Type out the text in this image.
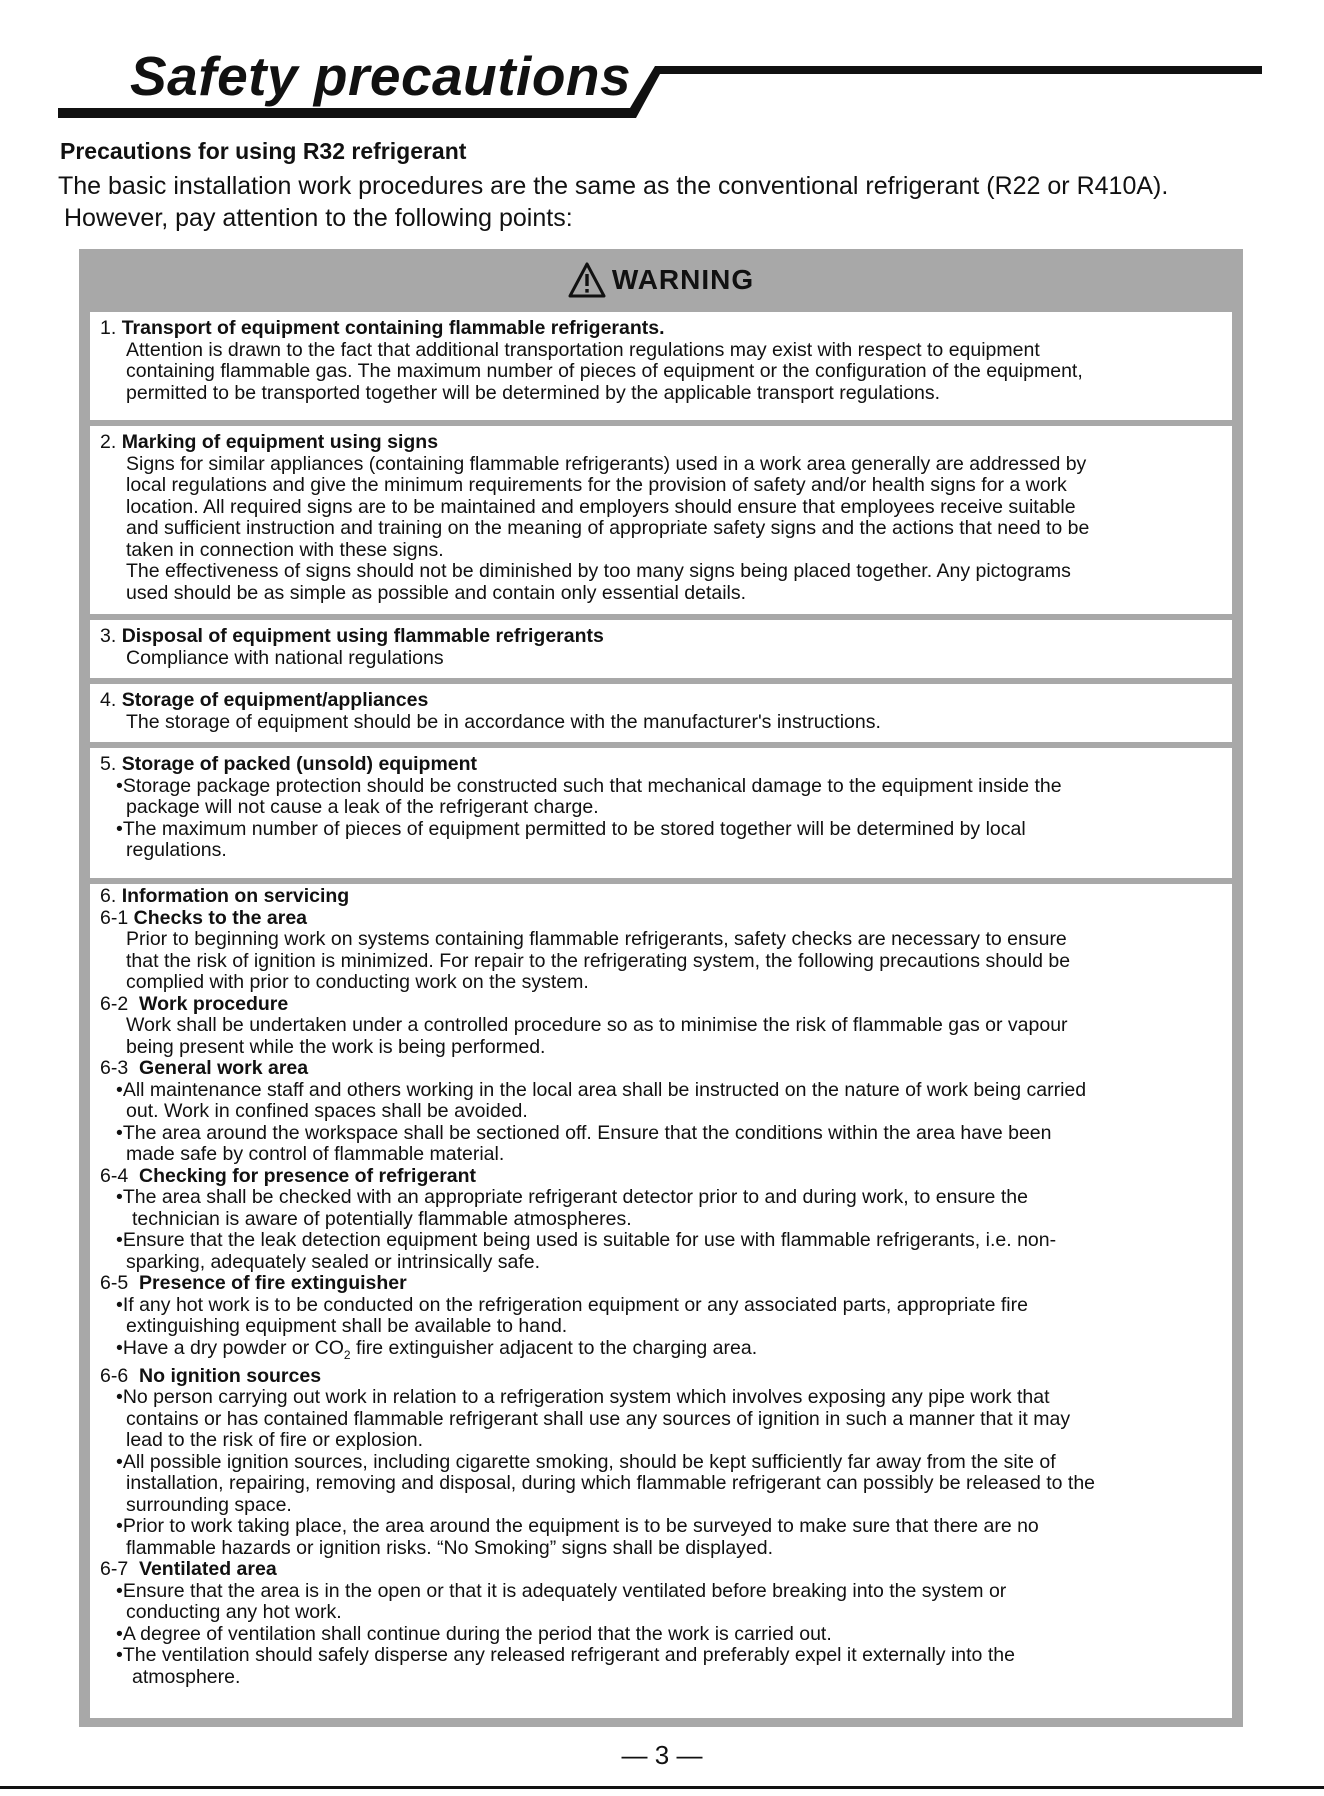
Safety precautions
Precautions for using R32 refrigerant

The basic installation work procedures are the same as the conventional refrigerant (R22 or R410A).
However, pay attention to the following points:

WARNING

1. Transport of equipment containing flammable refrigerants.

Attention is drawn to the fact that additional transportation regulations may exist with respect to equipment
containing flammable gas. The maximum number of pieces of equipment or the configuration of the equipment,
permitted to be transported together will be determined by the applicable transport regulations.

2. Marking of equipment using signs

Signs for similar appliances (containing flammable refrigerants) used in a work area generally are addressed by
local regulations and give the minimum requirements for the provision of safety and/or health signs for a work
location. All required signs are to be maintained and employers should ensure that employees receive suitable
and sufficient instruction and training on the meaning of appropriate safety signs and the actions that need to be
taken in connection with these signs.
The effectiveness of signs should not be diminished by too many signs being placed together. Any pictograms
used should be as simple as possible and contain only essential details.

3. Disposal of equipment using flammable refrigerants

Compliance with national regulations

4. Storage of equipment/appliances

The storage of equipment should be in accordance with the manufacturer's instructions.

5. Storage of packed (unsold) equipment

•Storage package protection should be constructed such that mechanical damage to the equipment inside the
package will not cause a leak of the refrigerant charge.
•The maximum number of pieces of equipment permitted to be stored together will be determined by local
regulations.

6. Information on servicing

6-1 Checks to the area

Prior to beginning work on systems containing flammable refrigerants, safety checks are necessary to ensure
that the risk of ignition is minimized. For repair to the refrigerating system, the following precautions should be
complied with prior to conducting work on the system.

6-2 Work procedure

Work shall be undertaken under a controlled procedure so as to minimise the risk of flammable gas or vapour
being present while the work is being performed.

6-3 General work area

•All maintenance staff and others working in the local area shall be instructed on the nature of work being carried
out. Work in confined spaces shall be avoided.
•The area around the workspace shall be sectioned off. Ensure that the conditions within the area have been
made safe by control of flammable material.

6-4 Checking for presence of refrigerant

•The area shall be checked with an appropriate refrigerant detector prior to and during work, to ensure the
technician is aware of potentially flammable atmospheres.
•Ensure that the leak detection equipment being used is suitable for use with flammable refrigerants, i.e. non-
sparking, adequately sealed or intrinsically safe.

6-5 Presence of fire extinguisher

•If any hot work is to be conducted on the refrigeration equipment or any associated parts, appropriate fire
extinguishing equipment shall be available to hand.
•Have a dry powder or $CO_2$ fire extinguisher adjacent to the charging area.

6-6 No ignition sources

•No person carrying out work in relation to a refrigeration system which involves exposing any pipe work that
contains or has contained flammable refrigerant shall use any sources of ignition in such a manner that it may
lead to the risk of fire or explosion.
•All possible ignition sources, including cigarette smoking, should be kept sufficiently far away from the site of
installation, repairing, removing and disposal, during which flammable refrigerant can possibly be released to the
surrounding space.
•Prior to work taking place, the area around the equipment is to be surveyed to make sure that there are no
flammable hazards or ignition risks. “No Smoking” signs shall be displayed.

6-7 Ventilated area

•Ensure that the area is in the open or that it is adequately ventilated before breaking into the system or
conducting any hot work.
•A degree of ventilation shall continue during the period that the work is carried out.
•The ventilation should safely disperse any released refrigerant and preferably expel it externally into the
atmosphere.
— 3 —
